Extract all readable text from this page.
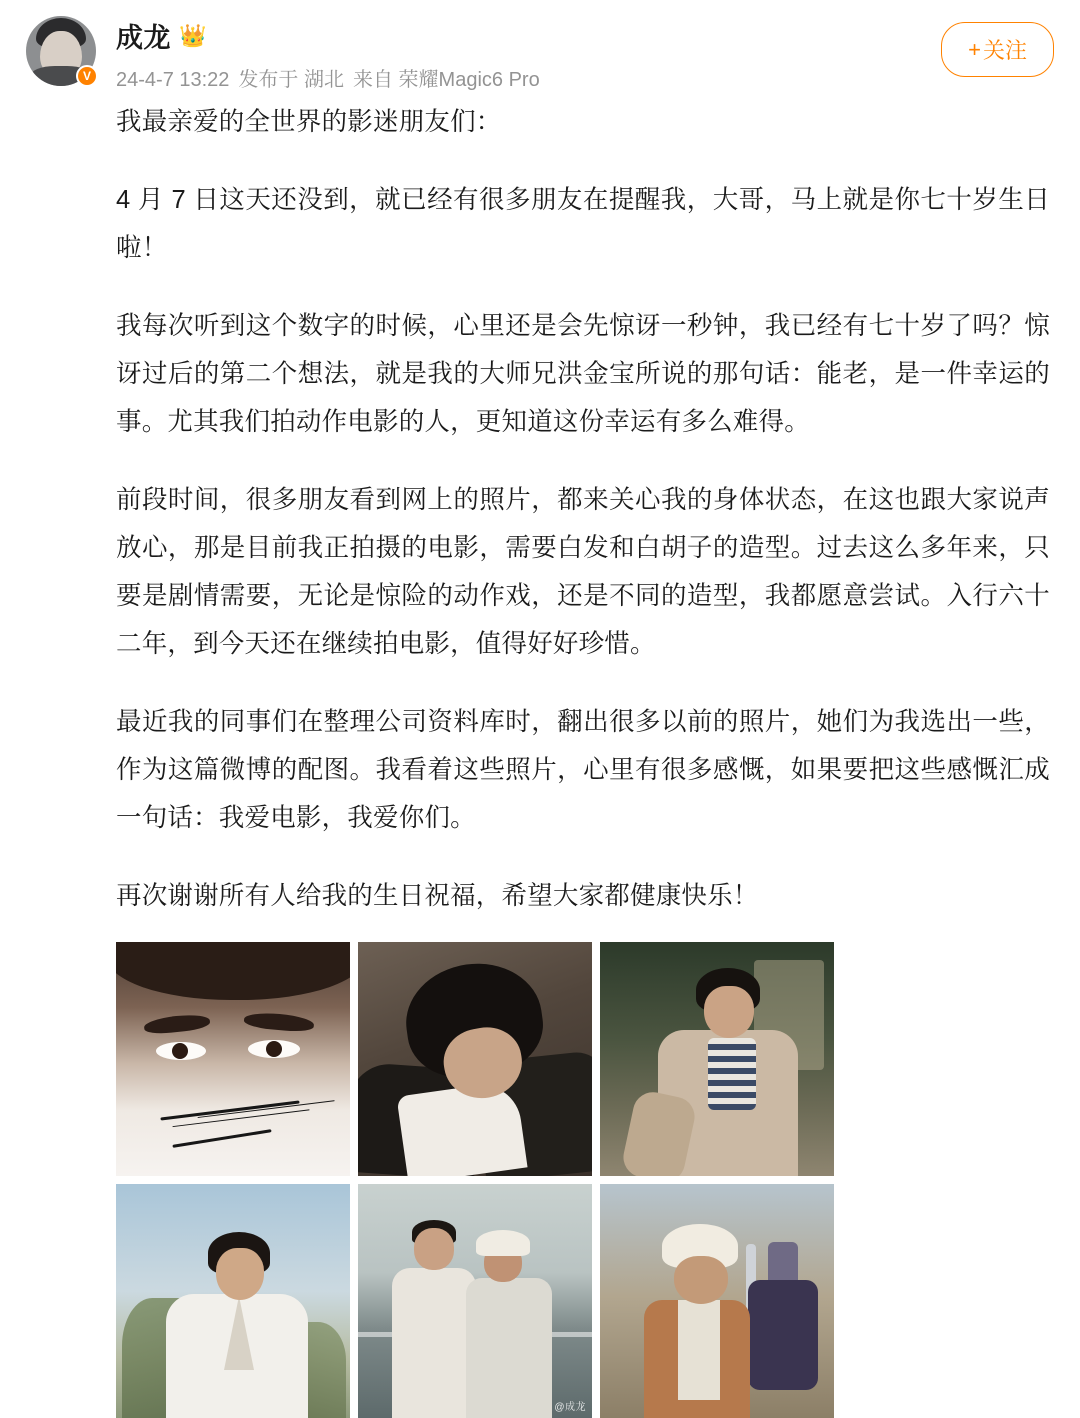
V
成龙 👑
24-4-7 13:22 发布于 湖北 来自 荣耀Magic6 Pro
+ 关注

我最亲爱的全世界的影迷朋友们：

4 月 7 日这天还没到，就已经有很多朋友在提醒我，大哥，马上就是你七十岁生日啦！

我每次听到这个数字的时候，心里还是会先惊讶一秒钟，我已经有七十岁了吗？惊讶过后的第二个想法，就是我的大师兄洪金宝所说的那句话：能老，是一件幸运的事。尤其我们拍动作电影的人，更知道这份幸运有多么难得。

前段时间，很多朋友看到网上的照片，都来关心我的身体状态，在这也跟大家说声放心，那是目前我正拍摄的电影，需要白发和白胡子的造型。过去这么多年来，只要是剧情需要，无论是惊险的动作戏，还是不同的造型，我都愿意尝试。入行六十二年，到今天还在继续拍电影，值得好好珍惜。

最近我的同事们在整理公司资料库时，翻出很多以前的照片，她们为我选出一些，作为这篇微博的配图。我看着这些照片，心里有很多感慨，如果要把这些感慨汇成一句话：我爱电影，我爱你们。

再次谢谢所有人给我的生日祝福，希望大家都健康快乐！

@成龙
